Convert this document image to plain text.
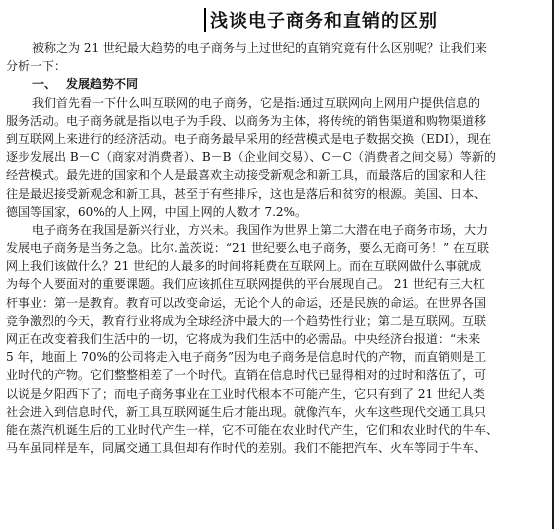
浅谈电子商务和直销的区别
被称之为 21 世纪最大趋势的电子商务与上过世纪的直销究竟有什么区别呢？让我们来
分析一下：
一、 发展趋势不同
我们首先看一下什么叫互联网的电子商务，它是指:通过互联网向上网用户提供信息的
服务活动。电子商务就是指以电子为手段、以商务为主体，将传统的销售渠道和购物渠道移
到互联网上来进行的经济活动。电子商务最早采用的经营模式是电子数据交换（EDI），现在
逐步发展出 B－C（商家对消费者）、B－B（企业间交易）、C－C（消费者之间交易）等新的
经营模式。最先进的国家和个人是最喜欢主动接受新观念和新工具，而最落后的国家和人往
往是最迟接受新观念和新工具，甚至于有些排斥，这也是落后和贫穷的根源。美国、日本、
德国等国家，60%的人上网，中国上网的人数才 7.2%。
电子商务在我国是新兴行业，方兴未。我国作为世界上第二大潜在电子商务市场，大力
发展电子商务是当务之急。比尔.盖茨说：“21 世纪要么电子商务，要么无商可务！” 在互联
网上我们该做什么？21 世纪的人最多的时间将耗费在互联网上。而在互联网做什么事就成
为每个人要面对的重要课题。我们应该抓住互联网提供的平台展现自己。 21 世纪有三大杠
杆事业：第一是教育。教育可以改变命运，无论个人的命运，还是民族的命运。在世界各国
竞争激烈的今天，教育行业将成为全球经济中最大的一个趋势性行业；第二是互联网。互联
网正在改变着我们生活中的一切，它将成为我们生活中的必需品。中央经济台报道：“未来
5 年，地面上 70%的公司将走入电子商务”因为电子商务是信息时代的产物，而直销则是工
业时代的产物。它们整整相差了一个时代。直销在信息时代已显得相对的过时和落伍了，可
以说是夕阳西下了；而电子商务事业在工业时代根本不可能产生，它只有到了 21 世纪人类
社会进入到信息时代，新工具互联网诞生后才能出现。就像汽车，火车这些现代交通工具只
能在蒸汽机诞生后的工业时代产生一样，它不可能在农业时代产生，它们和农业时代的牛车、
马车虽同样是车，同属交通工具但却有作时代的差别。我们不能把汽车、火车等同于牛车、
